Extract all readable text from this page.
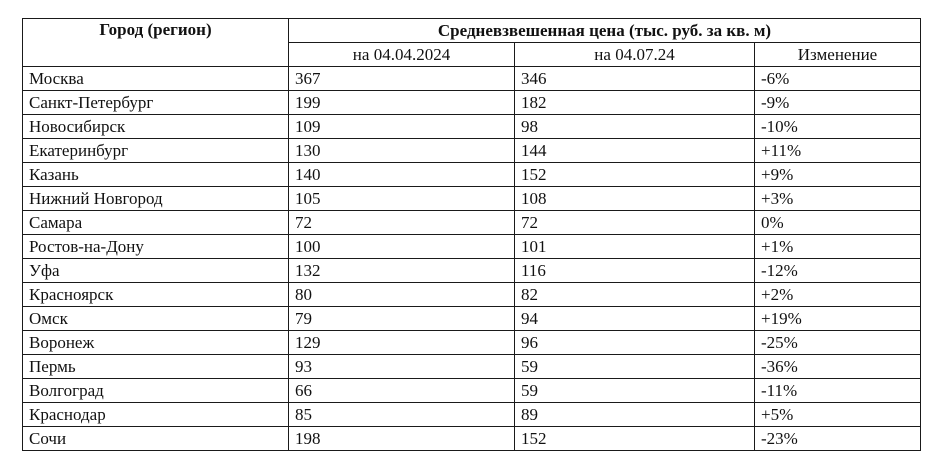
Город (регион)	Средневзвешенная цена (тыс. руб. за кв. м)		
	на 04.04.2024	на 04.07.24	Изменение
Москва	367	346	-6%
Санкт-Петербург	199	182	-9%
Новосибирск	109	98	-10%
Екатеринбург	130	144	+11%
Казань	140	152	+9%
Нижний Новгород	105	108	+3%
Самара	72	72	0%
Ростов-на-Дону	100	101	+1%
Уфа	132	116	-12%
Красноярск	80	82	+2%
Омск	79	94	+19%
Воронеж	129	96	-25%
Пермь	93	59	-36%
Волгоград	66	59	-11%
Краснодар	85	89	+5%
Сочи	198	152	-23%
